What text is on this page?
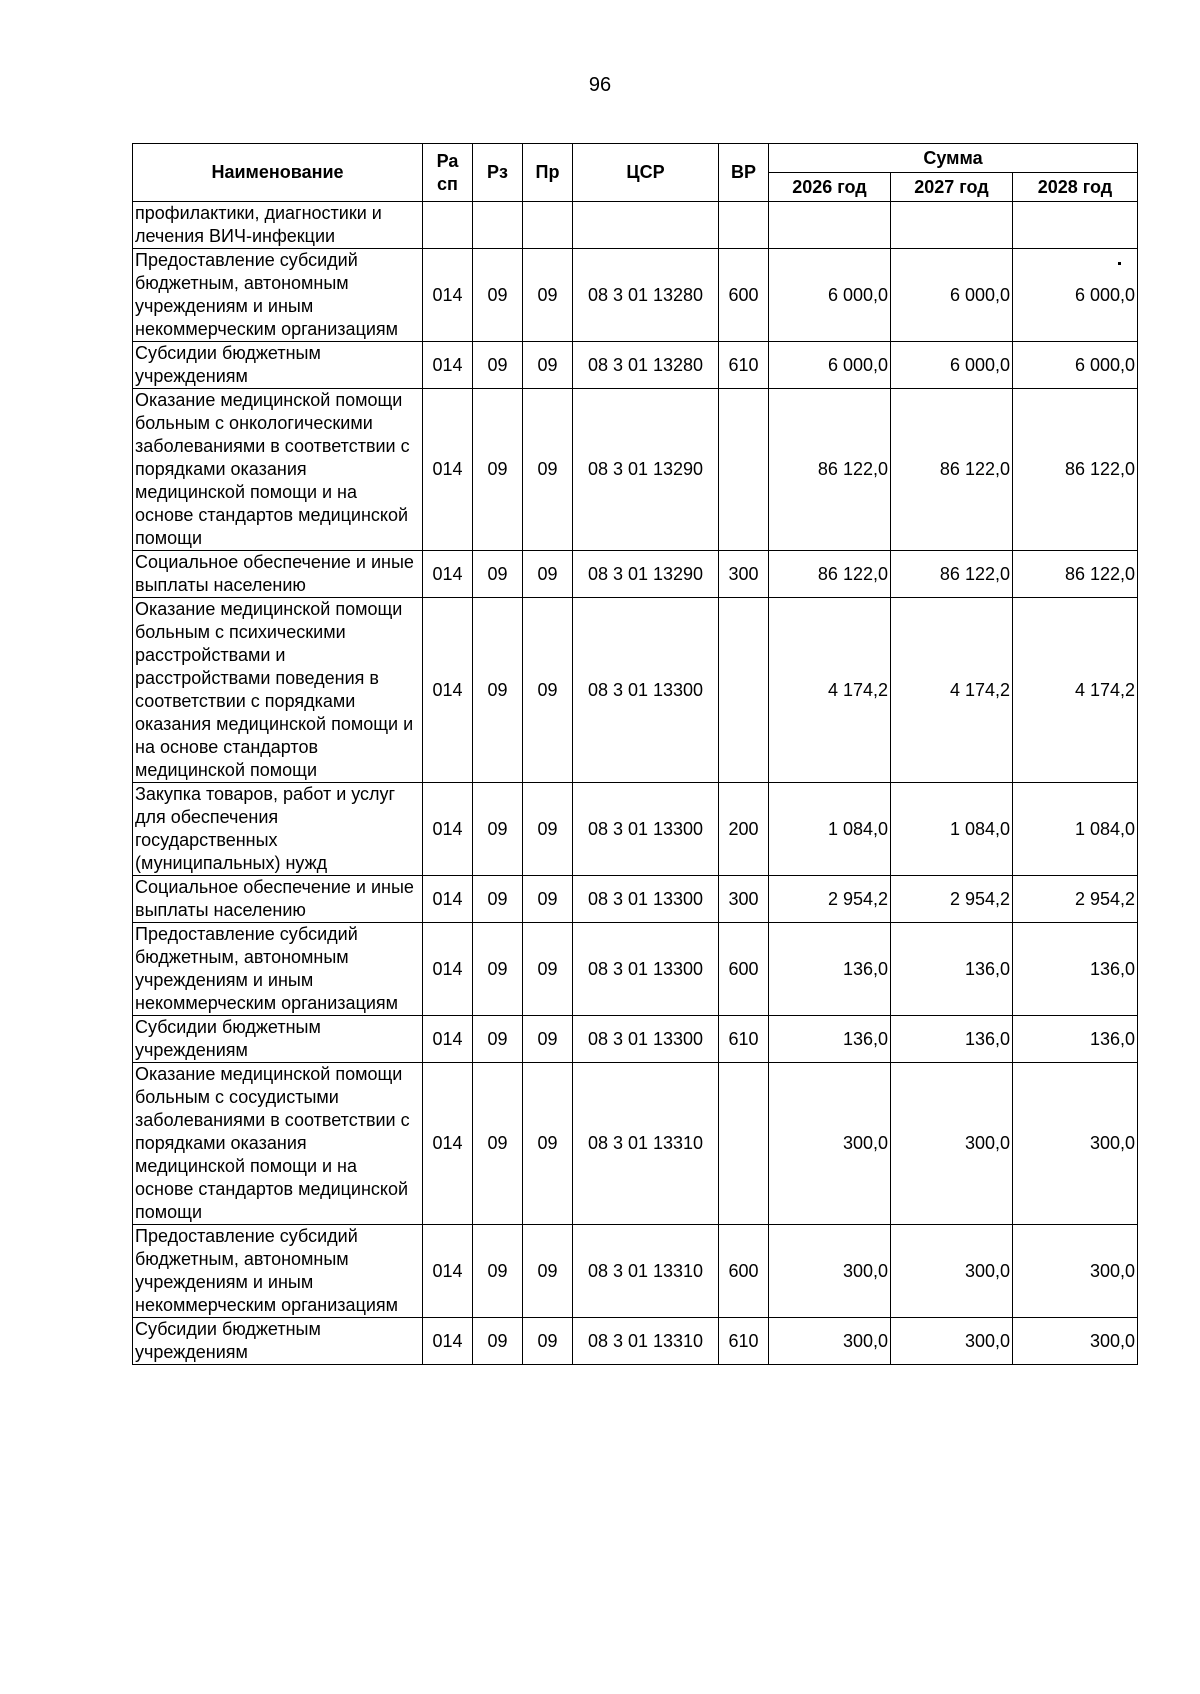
96
Наименование	Ра сп	Рз	Пр	ЦСР	ВР	Сумма		
						2026 год	2027 год	2028 год
профилактики, диагностики и лечения ВИЧ-инфекции								
Предоставление субсидий бюджетным, автономным учреждениям и иным некоммерческим организациям	014	09	09	08 3 01 13280	600	6 000,0	6 000,0	6 000,0
Субсидии бюджетным учреждениям	014	09	09	08 3 01 13280	610	6 000,0	6 000,0	6 000,0
Оказание медицинской помощи больным с онкологическими заболеваниями в соответствии с порядками оказания медицинской помощи и на основе стандартов медицинской помощи	014	09	09	08 3 01 13290		86 122,0	86 122,0	86 122,0
Социальное обеспечение и иные выплаты населению	014	09	09	08 3 01 13290	300	86 122,0	86 122,0	86 122,0
Оказание медицинской помощи больным с психическими расстройствами и расстройствами поведения в соответствии с порядками оказания медицинской помощи и на основе стандартов медицинской помощи	014	09	09	08 3 01 13300		4 174,2	4 174,2	4 174,2
Закупка товаров, работ и услуг для обеспечения государственных (муниципальных) нужд	014	09	09	08 3 01 13300	200	1 084,0	1 084,0	1 084,0
Социальное обеспечение и иные выплаты населению	014	09	09	08 3 01 13300	300	2 954,2	2 954,2	2 954,2
Предоставление субсидий бюджетным, автономным учреждениям и иным некоммерческим организациям	014	09	09	08 3 01 13300	600	136,0	136,0	136,0
Субсидии бюджетным учреждениям	014	09	09	08 3 01 13300	610	136,0	136,0	136,0
Оказание медицинской помощи больным с сосудистыми заболеваниями в соответствии с порядками оказания медицинской помощи и на основе стандартов медицинской помощи	014	09	09	08 3 01 13310		300,0	300,0	300,0
Предоставление субсидий бюджетным, автономным учреждениям и иным некоммерческим организациям	014	09	09	08 3 01 13310	600	300,0	300,0	300,0
Субсидии бюджетным учреждениям	014	09	09	08 3 01 13310	610	300,0	300,0	300,0
